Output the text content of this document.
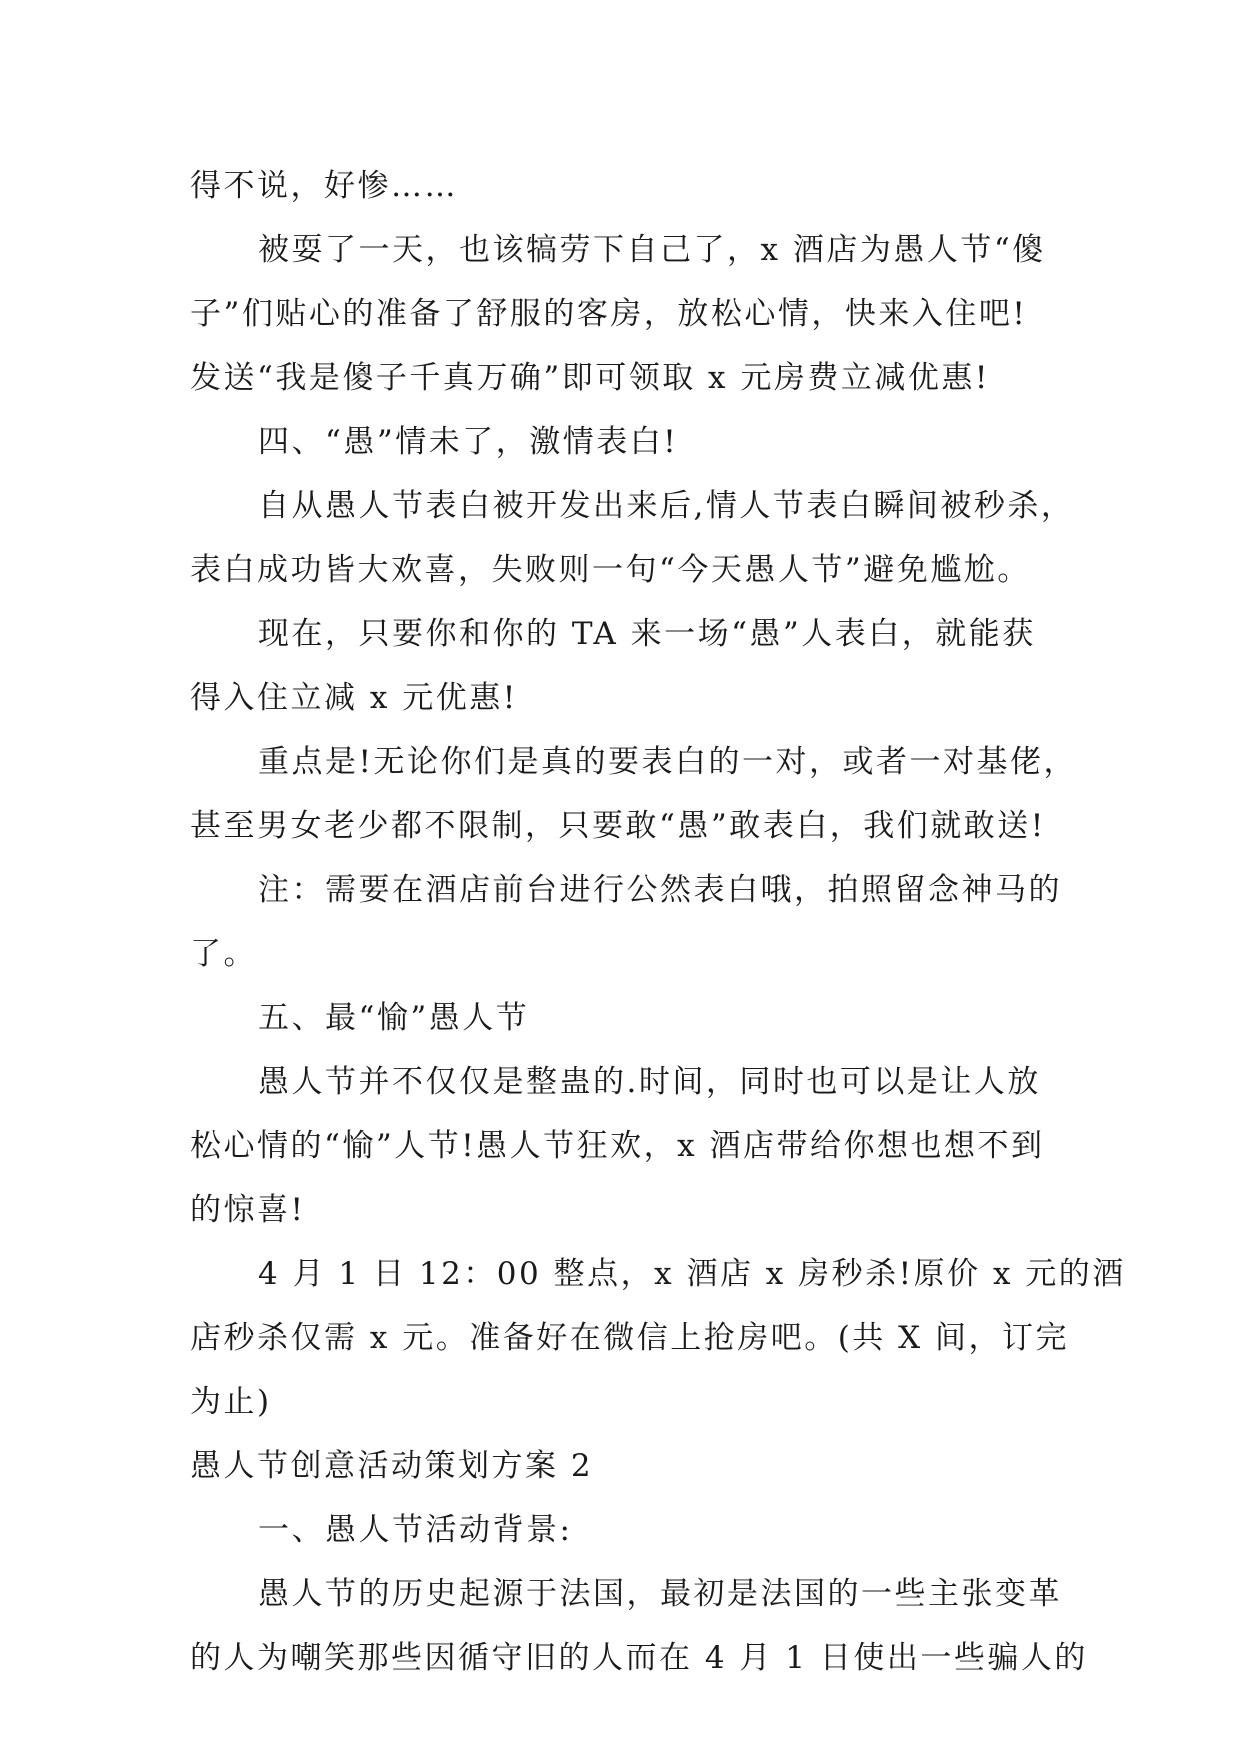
得不说，好惨……
被耍了一天，也该犒劳下自己了，x 酒店为愚人节“傻
子”们贴心的准备了舒服的客房，放松心情，快来入住吧!
发送“我是傻子千真万确”即可领取 x 元房费立减优惠!
四、“愚”情未了，激情表白!
自从愚人节表白被开发出来后,情人节表白瞬间被秒杀，
表白成功皆大欢喜，失败则一句“今天愚人节”避免尴尬。
现在，只要你和你的 TA 来一场“愚”人表白，就能获
得入住立减 x 元优惠!
重点是!无论你们是真的要表白的一对，或者一对基佬，
甚至男女老少都不限制，只要敢“愚”敢表白，我们就敢送!
注：需要在酒店前台进行公然表白哦，拍照留念神马的
了。
五、最“愉”愚人节
愚人节并不仅仅是整蛊的.时间，同时也可以是让人放
松心情的“愉”人节!愚人节狂欢，x 酒店带给你想也想不到
的惊喜!
4 月 1 日 12：00 整点，x 酒店 x 房秒杀!原价 x 元的酒
店秒杀仅需 x 元。准备好在微信上抢房吧。(共 X 间，订完
为止)
愚人节创意活动策划方案 2
一、愚人节活动背景:
愚人节的历史起源于法国，最初是法国的一些主张变革
的人为嘲笑那些因循守旧的人而在 4 月 1 日使出一些骗人的
